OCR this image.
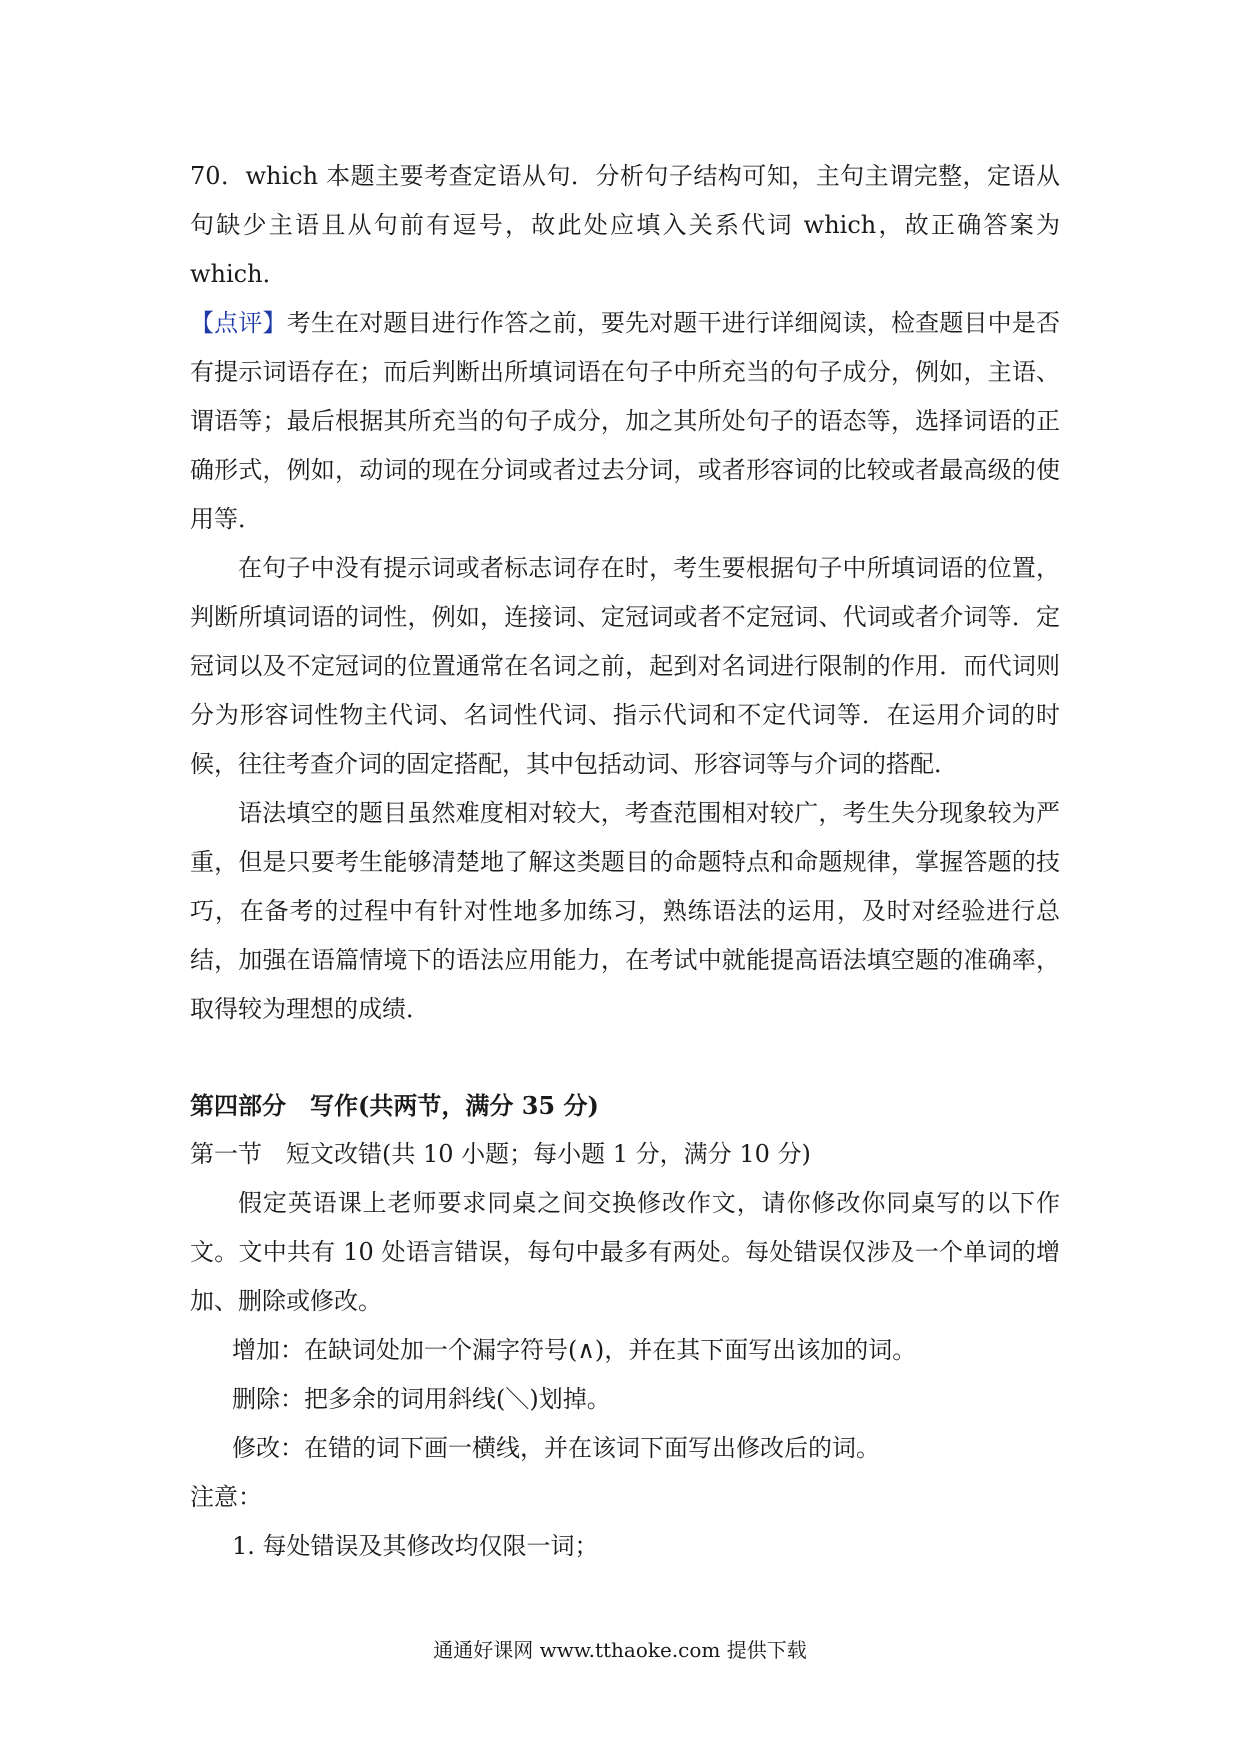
70．which 本题主要考查定语从句．分析句子结构可知，主句主谓完整，定语从句缺少主语且从句前有逗号，故此处应填入关系代词 which，故正确答案为 which．

【点评】考生在对题目进行作答之前，要先对题干进行详细阅读，检查题目中是否有提示词语存在；而后判断出所填词语在句子中所充当的句子成分，例如，主语、谓语等；最后根据其所充当的句子成分，加之其所处句子的语态等，选择词语的正确形式，例如，动词的现在分词或者过去分词，或者形容词的比较或者最高级的使用等．

在句子中没有提示词或者标志词存在时，考生要根据句子中所填词语的位置，判断所填词语的词性，例如，连接词、定冠词或者不定冠词、代词或者介词等．定冠词以及不定冠词的位置通常在名词之前，起到对名词进行限制的作用．而代词则分为形容词性物主代词、名词性代词、指示代词和不定代词等．在运用介词的时候，往往考查介词的固定搭配，其中包括动词、形容词等与介词的搭配．

语法填空的题目虽然难度相对较大，考查范围相对较广，考生失分现象较为严重，但是只要考生能够清楚地了解这类题目的命题特点和命题规律，掌握答题的技巧，在备考的过程中有针对性地多加练习，熟练语法的运用，及时对经验进行总结，加强在语篇情境下的语法应用能力，在考试中就能提高语法填空题的准确率，取得较为理想的成绩．

第四部分　写作(共两节，满分 35 分)

第一节　短文改错(共 10 小题；每小题 1 分，满分 10 分)

假定英语课上老师要求同桌之间交换修改作文，请你修改你同桌写的以下作文。文中共有 10 处语言错误，每句中最多有两处。每处错误仅涉及一个单词的增加、删除或修改。

增加：在缺词处加一个漏字符号(∧)，并在其下面写出该加的词。

删除：把多余的词用斜线(＼)划掉。

修改：在错的词下画一横线，并在该词下面写出修改后的词。

注意：

1. 每处错误及其修改均仅限一词；

通通好课网 www.tthaoke.com 提供下载
